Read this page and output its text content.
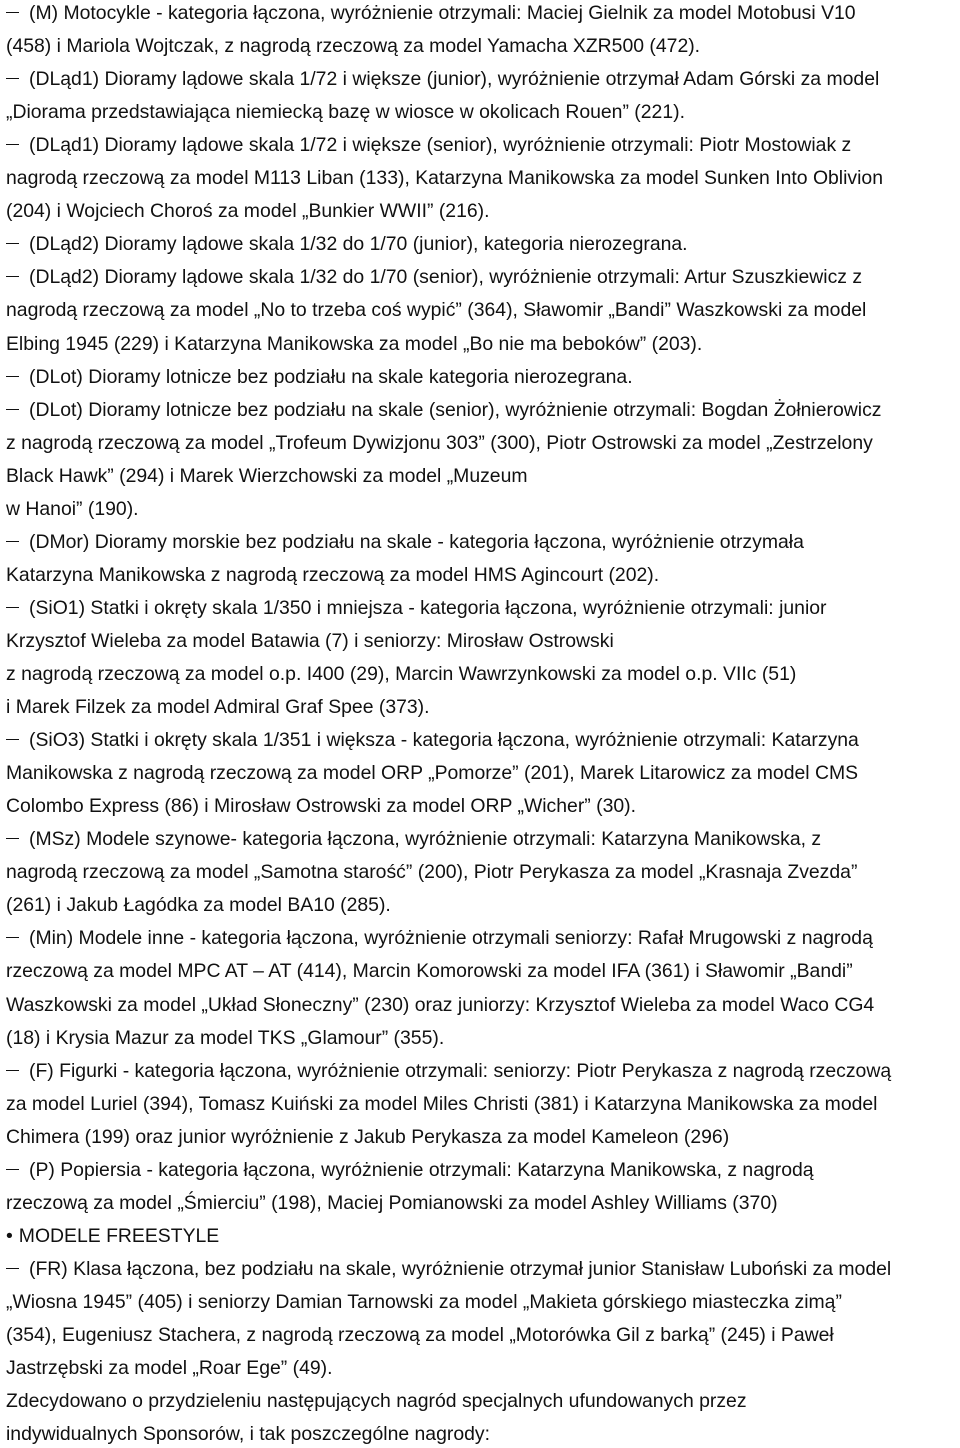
(M) Motocykle - kategoria łączona, wyróżnienie otrzymali: Maciej Gielnik za model Motobusi V10
(458) i Mariola Wojtczak, z nagrodą rzeczową za model Yamacha XZR500 (472).
(DLąd1) Dioramy lądowe skala 1/72 i większe (junior), wyróżnienie otrzymał Adam Górski za model
„Diorama przedstawiająca niemiecką bazę w wiosce w okolicach Rouen” (221).
(DLąd1) Dioramy lądowe skala 1/72 i większe (senior), wyróżnienie otrzymali: Piotr Mostowiak z
nagrodą rzeczową za model M113 Liban (133), Katarzyna Manikowska za model Sunken Into Oblivion
(204) i Wojciech Choroś za model „Bunkier WWII” (216).
(DLąd2) Dioramy lądowe skala 1/32 do 1/70 (junior), kategoria nierozegrana.
(DLąd2) Dioramy lądowe skala 1/32 do 1/70 (senior), wyróżnienie otrzymali: Artur Szuszkiewicz z
nagrodą rzeczową za model „No to trzeba coś wypić” (364), Sławomir „Bandi” Waszkowski za model
Elbing 1945 (229) i Katarzyna Manikowska za model „Bo nie ma beboków” (203).
(DLot) Dioramy lotnicze bez podziału na skale kategoria nierozegrana.
(DLot) Dioramy lotnicze bez podziału na skale (senior), wyróżnienie otrzymali: Bogdan Żołnierowicz
z nagrodą rzeczową za model „Trofeum Dywizjonu 303” (300), Piotr Ostrowski za model „Zestrzelony
Black Hawk” (294) i Marek Wierzchowski za model „Muzeum
w Hanoi” (190).
(DMor) Dioramy morskie bez podziału na skale - kategoria łączona, wyróżnienie otrzymała
Katarzyna Manikowska z nagrodą rzeczową za model HMS Agincourt (202).
(SiO1) Statki i okręty skala 1/350 i mniejsza - kategoria łączona, wyróżnienie otrzymali: junior
Krzysztof Wieleba za model Batawia (7) i seniorzy: Mirosław Ostrowski
z nagrodą rzeczową za model o.p. I400 (29), Marcin Wawrzynkowski za model o.p. VIIc (51)
i Marek Filzek za model Admiral Graf Spee (373).
(SiO3) Statki i okręty skala 1/351 i większa - kategoria łączona, wyróżnienie otrzymali: Katarzyna
Manikowska z nagrodą rzeczową za model ORP „Pomorze” (201), Marek Litarowicz za model CMS
Colombo Express (86) i Mirosław Ostrowski za model ORP „Wicher” (30).
(MSz) Modele szynowe- kategoria łączona, wyróżnienie otrzymali: Katarzyna Manikowska, z
nagrodą rzeczową za model „Samotna starość” (200), Piotr Perykasza za model „Krasnaja Zvezda”
(261) i Jakub Łagódka za model BA10 (285).
(Min) Modele inne - kategoria łączona, wyróżnienie otrzymali seniorzy: Rafał Mrugowski z nagrodą
rzeczową za model MPC AT – AT (414), Marcin Komorowski za model IFA (361) i Sławomir „Bandi”
Waszkowski za model „Układ Słoneczny” (230) oraz juniorzy: Krzysztof Wieleba za model Waco CG4
(18) i Krysia Mazur za model TKS „Glamour” (355).
(F) Figurki - kategoria łączona, wyróżnienie otrzymali: seniorzy: Piotr Perykasza z nagrodą rzeczową
za model Luriel (394), Tomasz Kuiński za model Miles Christi (381) i Katarzyna Manikowska za model
Chimera (199) oraz junior wyróżnienie z Jakub Perykasza za model Kameleon (296)
(P) Popiersia - kategoria łączona, wyróżnienie otrzymali: Katarzyna Manikowska, z nagrodą
rzeczową za model „Śmierciu” (198), Maciej Pomianowski za model Ashley Williams (370)
• MODELE FREESTYLE
(FR) Klasa łączona, bez podziału na skale, wyróżnienie otrzymał junior Stanisław Luboński za model
„Wiosna 1945” (405) i seniorzy Damian Tarnowski za model „Makieta górskiego miasteczka zimą”
(354), Eugeniusz Stachera, z nagrodą rzeczową za model „Motorówka Gil z barką” (245) i Paweł
Jastrzębski za model „Roar Ege” (49).
Zdecydowano o przydzieleniu następujących nagród specjalnych ufundowanych przez
indywidualnych Sponsorów, i tak poszczególne nagrody:
